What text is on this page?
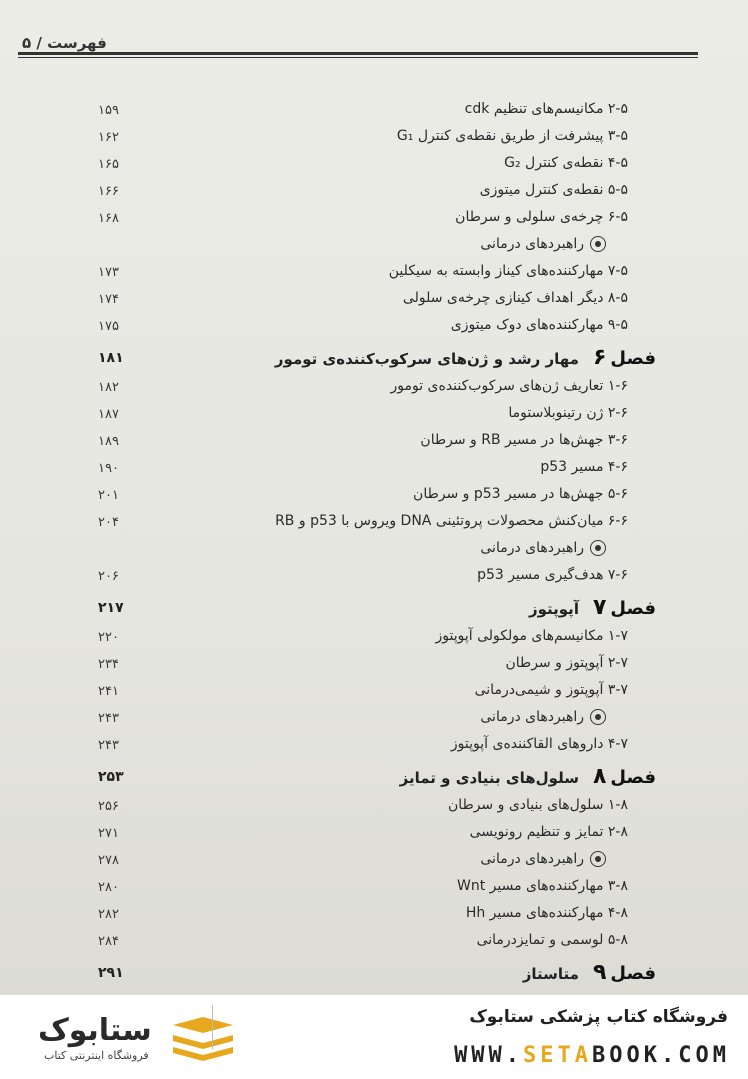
فهرست / ۵
۲-۵ مکانیسم‌های تنظیم cdk
۱۵۹
۳-۵ پیشرفت از طریق نقطه‌ی کنترل G₁
۱۶۲
۴-۵ نقطه‌ی کنترل G₂
۱۶۵
۵-۵ نقطه‌ی کنترل میتوزی
۱۶۶
۶-۵ چرخه‌ی سلولی و سرطان
۱۶۸
راهبردهای درمانی
۷-۵ مهارکننده‌های کیناز وابسته به سیکلین
۱۷۳
۸-۵ دیگر اهداف کینازی چرخه‌ی سلولی
۱۷۴
۹-۵ مهارکننده‌های دوک میتوزی
۱۷۵
فصل۶مهار رشد و ژن‌های سرکوب‌کننده‌ی تومور
۱۸۱
۱-۶ تعاریف ژن‌های سرکوب‌کننده‌ی تومور
۱۸۲
۲-۶ ژن رتینوبلاستوما
۱۸۷
۳-۶ جهش‌ها در مسیر RB و سرطان
۱۸۹
۴-۶ مسیر p53
۱۹۰
۵-۶ جهش‌ها در مسیر p53 و سرطان
۲۰۱
۶-۶ میان‌کنش محصولات پروتئینی DNA ویروس با p53 و RB
۲۰۴
راهبردهای درمانی
۷-۶ هدف‌گیری مسیر p53
۲۰۶
فصل۷آپوپتوز
۲۱۷
۱-۷ مکانیسم‌های مولکولی آپوپتوز
۲۲۰
۲-۷ آپوپتوز و سرطان
۲۳۴
۳-۷ آپوپتوز و شیمی‌درمانی
۲۴۱
راهبردهای درمانی
۲۴۳
۴-۷ داروهای القاکننده‌ی آپوپتوز
۲۴۳
فصل۸سلول‌های بنیادی و تمایز
۲۵۳
۱-۸ سلول‌های بنیادی و سرطان
۲۵۶
۲-۸ تمایز و تنظیم رونویسی
۲۷۱
راهبردهای درمانی
۲۷۸
۳-۸ مهارکننده‌های مسیر Wnt
۲۸۰
۴-۸ مهارکننده‌های مسیر Hh
۲۸۲
۵-۸ لوسمی و تمایزدرمانی
۲۸۴
فصل۹متاستاز
۲۹۱
ستابوک
فروشگاه اینترنتی کتاب
فروشگاه کتاب پزشکی ستابوک
WWW.SETABOOK.COM
